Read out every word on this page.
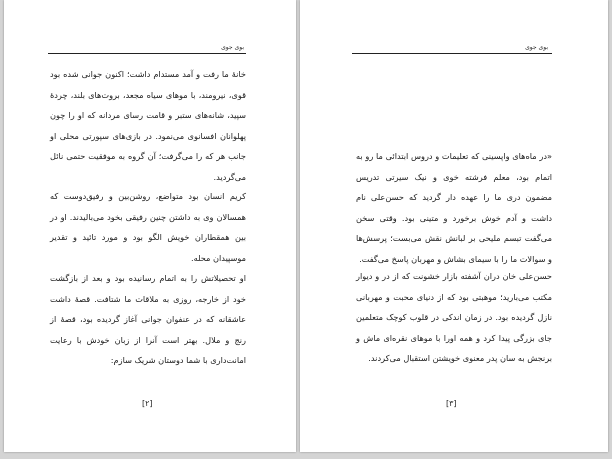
بوی جوی
خانهٔ ما رفت و آمد مستدام داشت؛ اکنون جوانی شده بود قوی، نیرومند، با موهای سیاه مجعد، بروت‌های بلند، چردهٔ سپید، شانه‌های ستبر و قامت رسای مردانه که او را چون پهلوانان افسانوی می‌نمود. در بازی‌های سپورتی محلی او جانب هر که را می‌گرفت؛ آن گروه به موفقیت حتمی نائل می‌گردید.
کریم انسان بود متواضع، روشن‌بین و رفیق‌دوست که همسالان وی به داشتن چنین رفیقی بخود می‌بالیدند. او در بین همقطاران خویش الگو بود و مورد تائید و تقدیر موسپیدان محله.
او تحصیلاتش را به اتمام رسانیده بود و بعد از بازگشت خود از خارجه، روزی به ملاقات ما شتافت. قصهٔ داشت عاشقانه که در عنفوان جوانی آغاز گردیده بود، قصهٔ از رنج و ملال. بهتر است آنرا از زبان خودش با رعایت امانت‌داری با شما دوستان شریک سازم:
[۲]
بوی جوی
«در ماه‌های واپسینی که تعلیمات و دروس ابتدائی ما رو به اتمام بود، معلم فرشته خوی و نیک سیرتی تدریس مضمون دری ما را عهده دار گردید که حسن‌علی نام داشت و آدم خوش برخورد و متینی بود. وقتی سخن می‌گفت تبسم ملیحی بر لبانش نقش می‌بست؛ پرسش‌ها و سوالات ما را با سیمای بشاش و مهربان پاسخ می‌گفت.
حسن‌علی خان دران آشفته بازار خشونت که از در و دیوار مکتب می‌بارید؛ موهبتی بود که از دنیای محبت و مهربانی نازل گردیده بود. در زمان اندکی در قلوب کوچک متعلمین جای بزرگی پیدا کرد و همه اورا با موهای نقره‌ای ماش و برنجش به سان پدر معنوی خویشتن استقبال می‌کردند.
[۳]
